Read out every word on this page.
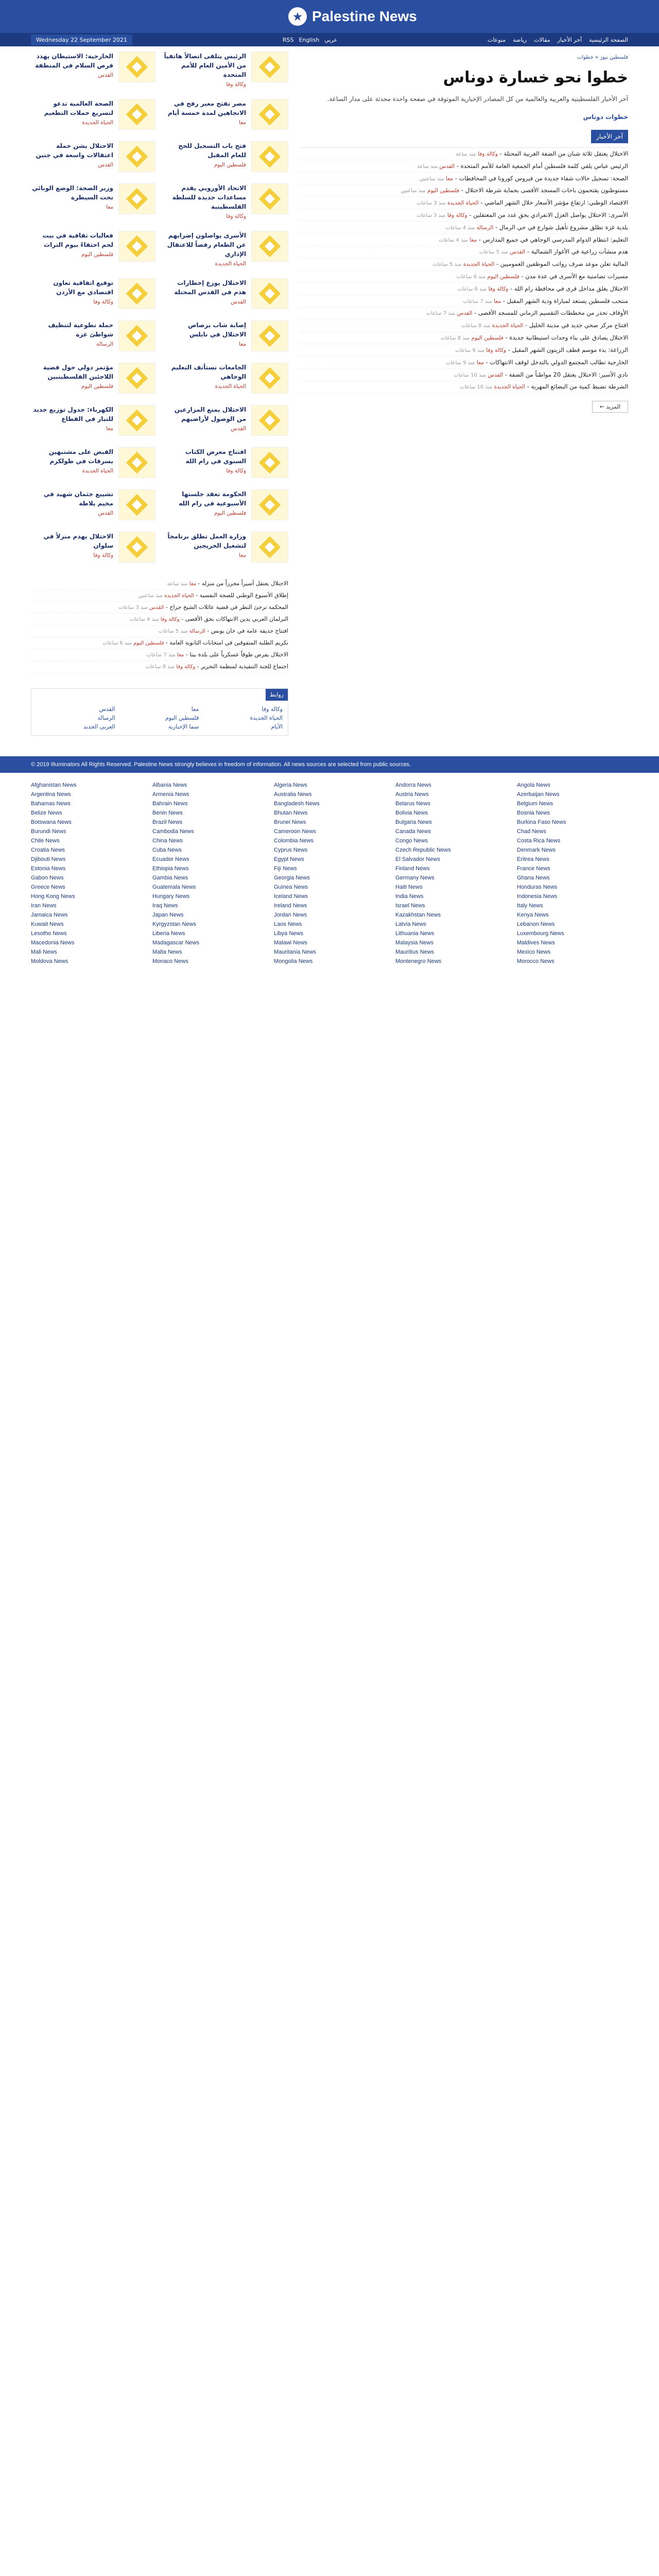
★ Palestine News
Wednesday 22 September 2021	RSS English عربي	الصفحة الرئيسية
آخر الأخبار
مقالات
رياضة
منوعات
فلسطين نيوز » خطوات
خطوا نحو خسارة دوناس

آخر الأخبار الفلسطينية والعربية والعالمية من كل المصادر الإخبارية الموثوقة في صفحة واحدة محدثة على مدار الساعة.

خطوات دوناس
آخر الأخبار
الاحتلال يعتقل ثلاثة شبان من الضفة الغربية المحتلة - وكالة وفا منذ ساعة
الرئيس عباس يلقي كلمة فلسطين أمام الجمعية العامة للأمم المتحدة - القدس منذ ساعة
الصحة: تسجيل حالات شفاء جديدة من فيروس كورونا في المحافظات - معا منذ ساعتين
مستوطنون يقتحمون باحات المسجد الأقصى بحماية شرطة الاحتلال - فلسطين اليوم منذ ساعتين
الاقتصاد الوطني: ارتفاع مؤشر الأسعار خلال الشهر الماضي - الحياة الجديدة منذ 3 ساعات
الأسرى: الاحتلال يواصل العزل الانفرادي بحق عدد من المعتقلين - وكالة وفا منذ 3 ساعات
بلدية غزة تطلق مشروع تأهيل شوارع في حي الرمال - الرسالة منذ 4 ساعات
التعليم: انتظام الدوام المدرسي الوجاهي في جميع المدارس - معا منذ 4 ساعات
هدم منشآت زراعية في الأغوار الشمالية - القدس منذ 5 ساعات
المالية تعلن موعد صرف رواتب الموظفين العموميين - الحياة الجديدة منذ 5 ساعات
مسيرات تضامنية مع الأسرى في عدة مدن - فلسطين اليوم منذ 6 ساعات
الاحتلال يغلق مداخل قرى في محافظة رام الله - وكالة وفا منذ 6 ساعات
منتخب فلسطين يستعد لمباراة ودية الشهر المقبل - معا منذ 7 ساعات
الأوقاف تحذر من مخططات التقسيم الزماني للمسجد الأقصى - القدس منذ 7 ساعات
افتتاح مركز صحي جديد في مدينة الخليل - الحياة الجديدة منذ 8 ساعات
الاحتلال يصادق على بناء وحدات استيطانية جديدة - فلسطين اليوم منذ 8 ساعات
الزراعة: بدء موسم قطف الزيتون الشهر المقبل - وكالة وفا منذ 9 ساعات
الخارجية تطالب المجتمع الدولي بالتدخل لوقف الانتهاكات - معا منذ 9 ساعات
نادي الأسير: الاحتلال يعتقل 20 مواطناً من الضفة - القدس منذ 10 ساعات
الشرطة تضبط كمية من البضائع المهربة - الحياة الجديدة منذ 10 ساعات
المزيد ←
الرئيس يتلقى اتصالاً هاتفياً من الأمين العام للأمم المتحدة
وكالة وفا
الخارجية: الاستيطان يهدد فرص السلام في المنطقة
القدس
مصر تفتح معبر رفح في الاتجاهين لمدة خمسة أيام
معا
الصحة العالمية تدعو لتسريع حملات التطعيم
الحياة الجديدة
فتح باب التسجيل للحج للعام المقبل
فلسطين اليوم
الاحتلال يشن حملة اعتقالات واسعة في جنين
القدس
الاتحاد الأوروبي يقدم مساعدات جديدة للسلطة الفلسطينية
وكالة وفا
وزير الصحة: الوضع الوبائي تحت السيطرة
معا
الأسرى يواصلون إضرابهم عن الطعام رفضاً للاعتقال الإداري
الحياة الجديدة
فعاليات ثقافية في بيت لحم احتفاءً بيوم التراث
فلسطين اليوم
الاحتلال يوزع إخطارات هدم في القدس المحتلة
القدس
توقيع اتفاقية تعاون اقتصادي مع الأردن
وكالة وفا
إصابة شاب برصاص الاحتلال في نابلس
معا
حملة تطوعية لتنظيف شواطئ غزة
الرسالة
الجامعات تستأنف التعليم الوجاهي
الحياة الجديدة
مؤتمر دولي حول قضية اللاجئين الفلسطينيين
فلسطين اليوم
الاحتلال يمنع المزارعين من الوصول لأراضيهم
القدس
الكهرباء: جدول توزيع جديد للتيار في القطاع
معا
افتتاح معرض الكتاب السنوي في رام الله
وكالة وفا
القبض على مشتبهين بسرقات في طولكرم
الحياة الجديدة
الحكومة تعقد جلستها الأسبوعية في رام الله
فلسطين اليوم
تشييع جثمان شهيد في مخيم بلاطة
القدس
وزارة العمل تطلق برنامجاً لتشغيل الخريجين
معا
الاحتلال يهدم منزلاً في سلوان
وكالة وفا
الاحتلال يعتقل أسيراً محرراً من منزله - معا منذ ساعة
إطلاق الأسبوع الوطني للصحة النفسية - الحياة الجديدة منذ ساعتين
المحكمة ترجئ النظر في قضية عائلات الشيخ جراح - القدس منذ 3 ساعات
البرلمان العربي يدين الانتهاكات بحق الأقصى - وكالة وفا منذ 4 ساعات
افتتاح حديقة عامة في خان يونس - الرسالة منذ 5 ساعات
تكريم الطلبة المتفوقين في امتحانات الثانوية العامة - فلسطين اليوم منذ 6 ساعات
الاحتلال يفرض طوقاً عسكرياً على بلدة بيتا - معا منذ 7 ساعات
اجتماع للجنة التنفيذية لمنظمة التحرير - وكالة وفا منذ 8 ساعات
روابط
وكالة وفا
معا
القدس
الحياة الجديدة
فلسطين اليوم
الرسالة
الأيام
سما الإخبارية
العربي الجديد
© 2019 Illuminators All Rights Reserved. Palestine News strongly believes in freedom of information. All news sources are selected from public sources.
Afghanistan News	Albania News	Algeria News	Andorra News	Angola News
Argentina News	Armenia News	Australia News	Austria News	Azerbaijan News
Bahamas News	Bahrain News	Bangladesh News	Belarus News	Belgium News
Belize News	Benin News	Bhutan News	Bolivia News	Bosnia News
Botswana News	Brazil News	Brunei News	Bulgaria News	Burkina Faso News
Burundi News	Cambodia News	Cameroon News	Canada News	Chad News
Chile News	China News	Colombia News	Congo News	Costa Rica News
Croatia News	Cuba News	Cyprus News	Czech Republic News	Denmark News
Djibouti News	Ecuador News	Egypt News	El Salvador News	Eritrea News
Estonia News	Ethiopia News	Fiji News	Finland News	France News
Gabon News	Gambia News	Georgia News	Germany News	Ghana News
Greece News	Guatemala News	Guinea News	Haiti News	Honduras News
Hong Kong News	Hungary News	Iceland News	India News	Indonesia News
Iran News	Iraq News	Ireland News	Israel News	Italy News
Jamaica News	Japan News	Jordan News	Kazakhstan News	Kenya News
Kuwait News	Kyrgyzstan News	Laos News	Latvia News	Lebanon News
Lesotho News	Liberia News	Libya News	Lithuania News	Luxembourg News
Macedonia News	Madagascar News	Malawi News	Malaysia News	Maldives News
Mali News	Malta News	Mauritania News	Mauritius News	Mexico News
Moldova News	Monaco News	Mongolia News	Montenegro News	Morocco News
